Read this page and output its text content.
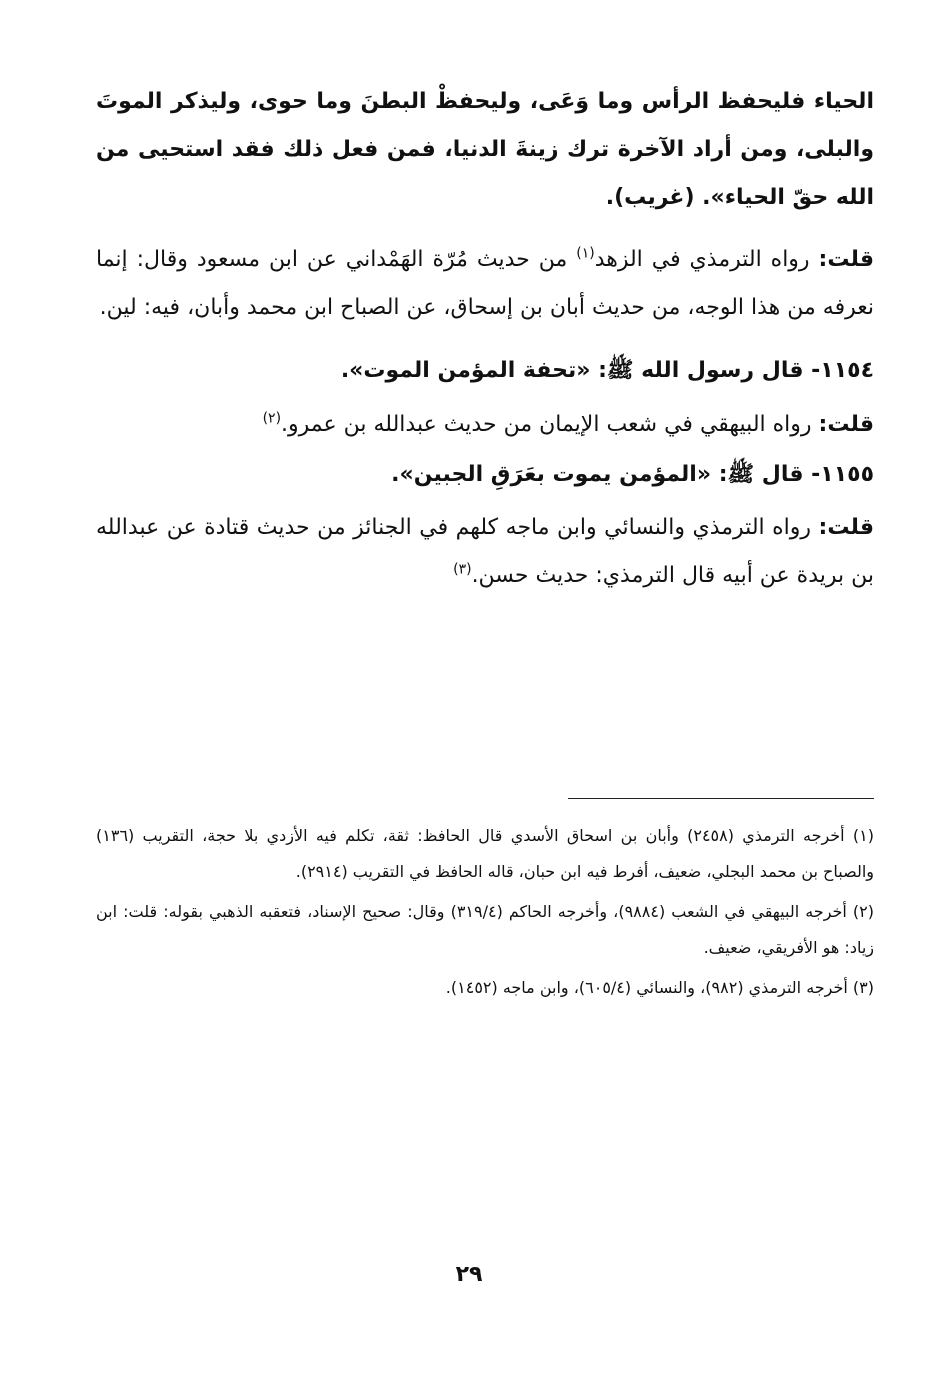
الحياء فليحفظ الرأس وما وَعَى، وليحفظْ البطنَ وما حوى، وليذكر الموتَ والبلى، ومن أراد الآخرة ترك زينةَ الدنيا، فمن فعل ذلك فقد استحيى من الله حقّ الحياء». (غريب).

قلت: رواه الترمذي في الزهد$^{(١)}$ من حديث مُرّة الهَمْداني عن ابن مسعود وقال: إنما نعرفه من هذا الوجه، من حديث أبان بن إسحاق، عن الصباح ابن محمد وأبان، فيه: لين.

١١٥٤- قال رسول الله ﷺ: «تحفة المؤمن الموت».

قلت: رواه البيهقي في شعب الإيمان من حديث عبدالله بن عمرو.$^{(٢)}$

١١٥٥- قال ﷺ: «المؤمن يموت بعَرَقِ الجبين».

قلت: رواه الترمذي والنسائي وابن ماجه كلهم في الجنائز من حديث قتادة عن عبدالله بن بريدة عن أبيه قال الترمذي: حديث حسن.$^{(٣)}$

(١) أخرجه الترمذي (٢٤٥٨) وأبان بن اسحاق الأسدي قال الحافظ: ثقة، تكلم فيه الأزدي بلا حجة، التقريب (١٣٦) والصباح بن محمد البجلي، ضعيف، أفرط فيه ابن حبان، قاله الحافظ في التقريب (٢٩١٤).

(٢) أخرجه البيهقي في الشعب (٩٨٨٤)، وأخرجه الحاكم (٣١٩/٤) وقال: صحيح الإسناد، فتعقبه الذهبي بقوله: قلت: ابن زياد: هو الأفريقي، ضعيف.

(٣) أخرجه الترمذي (٩٨٢)، والنسائي (٦٠٥/٤)، وابن ماجه (١٤٥٢).

٢٩
